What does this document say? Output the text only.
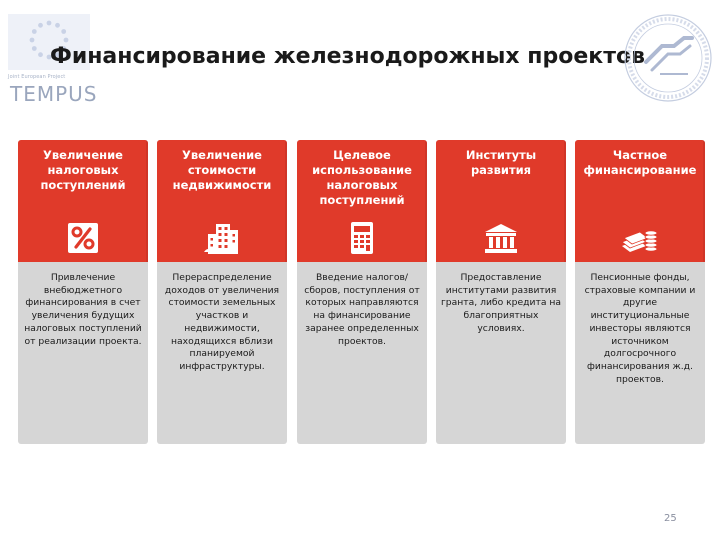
Joint European Project
TEMPUS
Финансирование железнодорожных проектов
Увеличение налоговых поступлений
Привлечение внебюджетного финансирования в счет увеличения будущих налоговых поступлений от реализации проекта.
Увеличение стоимости недвижимости
Перераспределение доходов от увеличения стоимости земельных участков и недвижимости, находящихся вблизи планируемой инфраструктуры.
Целевое использование налоговых поступлений
Введение налогов/ сборов, поступления от которых направляются на финансирование заранее определенных проектов.
Институты развития
Предоставление институтами развития гранта, либо кредита на благоприятных условиях.
Частное финансирование
Пенсионные фонды, страховые компании и другие институциональные инвесторы являются источником долгосрочного финансирования ж.д. проектов.
25
